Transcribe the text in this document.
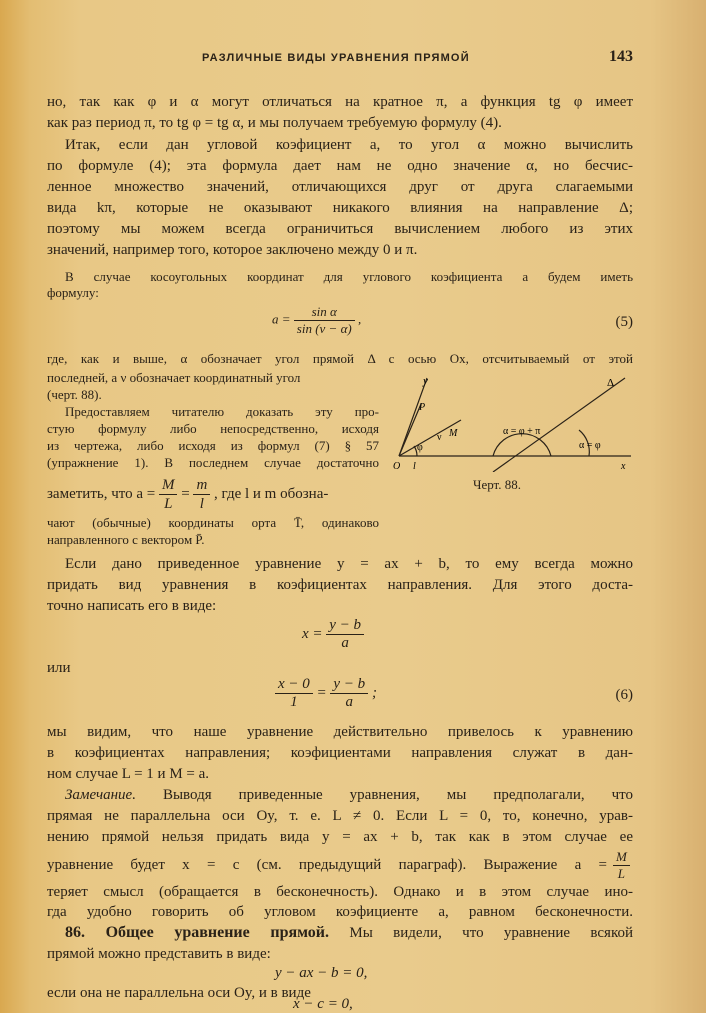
РАЗЛИЧНЫЕ ВИДЫ УРАВНЕНИЯ ПРЯМОЙ	143
но, так как φ и α могут отличаться на кратное π, а функция tg φ имеет
как раз период π, то tg φ = tg α, и мы получаем требуемую формулу (4).
Итак, если дан угловой коэфициент a, то угол α можно вычислить
по формуле (4); эта формула дает нам не одно значение α, но бесчис-
ленное множество значений, отличающихся друг от друга слагаемыми
вида kπ, которые не оказывают никакого влияния на направление Δ;
поэтому мы можем всегда ограничиться вычислением любого из этих
значений, например того, которое заключено между 0 и π.
В случае косоугольных координат для углового коэфициента a будем иметь
формулу:
$a = \frac{\text{sin α}}{\sin (\nu - \alpha)}$ ,	(5)
где, как и выше, α обозначает угол прямой Δ с осью Ox, отсчитываемый от этой
последней, а ν обозначает координатный угол
(черт. 88).
Предоставляем читателю доказать эту про-
стую формулу либо непосредственно, исходя
из чертежа, либо исходя из формул (7) § 57
(упражнение 1). В последнем случае достаточно
заметить, что $a = \frac{M}{L} = \frac{m}{l}$ , где l и m обозна-
чают (обычные) координаты орта T̄, одинаково
направленного с вектором P̄.
Если дано приведенное уравнение y = ax + b, то ему всегда можно
придать вид уравнения в коэфициентах направления. Для этого доста-
точно написать его в виде:
$x = \frac{y - b}{a}$
или
$\frac{x - 0}{1} = \frac{y - b}{a}$ ;	(6)
мы видим, что наше уравнение действительно привелось к уравнению
в коэфициентах направления; коэфициентами направления служат в дан-
ном случае L = 1 и M = a.
Замечание. Выводя приведенные уравнения, мы предполагали, что
прямая не параллельна оси Oy, т. е. L ≠ 0. Если L = 0, то, конечно, урав-
нению прямой нельзя придать вида y = ax + b, так как в этом случае ее
уравнение будет x = c (см. предыдущий параграф). Выражение $a = \frac{M}{L}$
теряет смысл (обращается в бесконечность). Однако и в этом случае ино-
гда удобно говорить об угловом коэфициенте a, равном бесконечности.
86. Общее уравнение прямой. Мы видели, что уравнение всякой
прямой можно представить в виде:
y − ax − b = 0,
если она не параллельна оси Oy, и в виде
x − c = 0,
y	Δ
P
M
ν
φ
O l	x
α = φ + π
α = φ
Черт. 88.
